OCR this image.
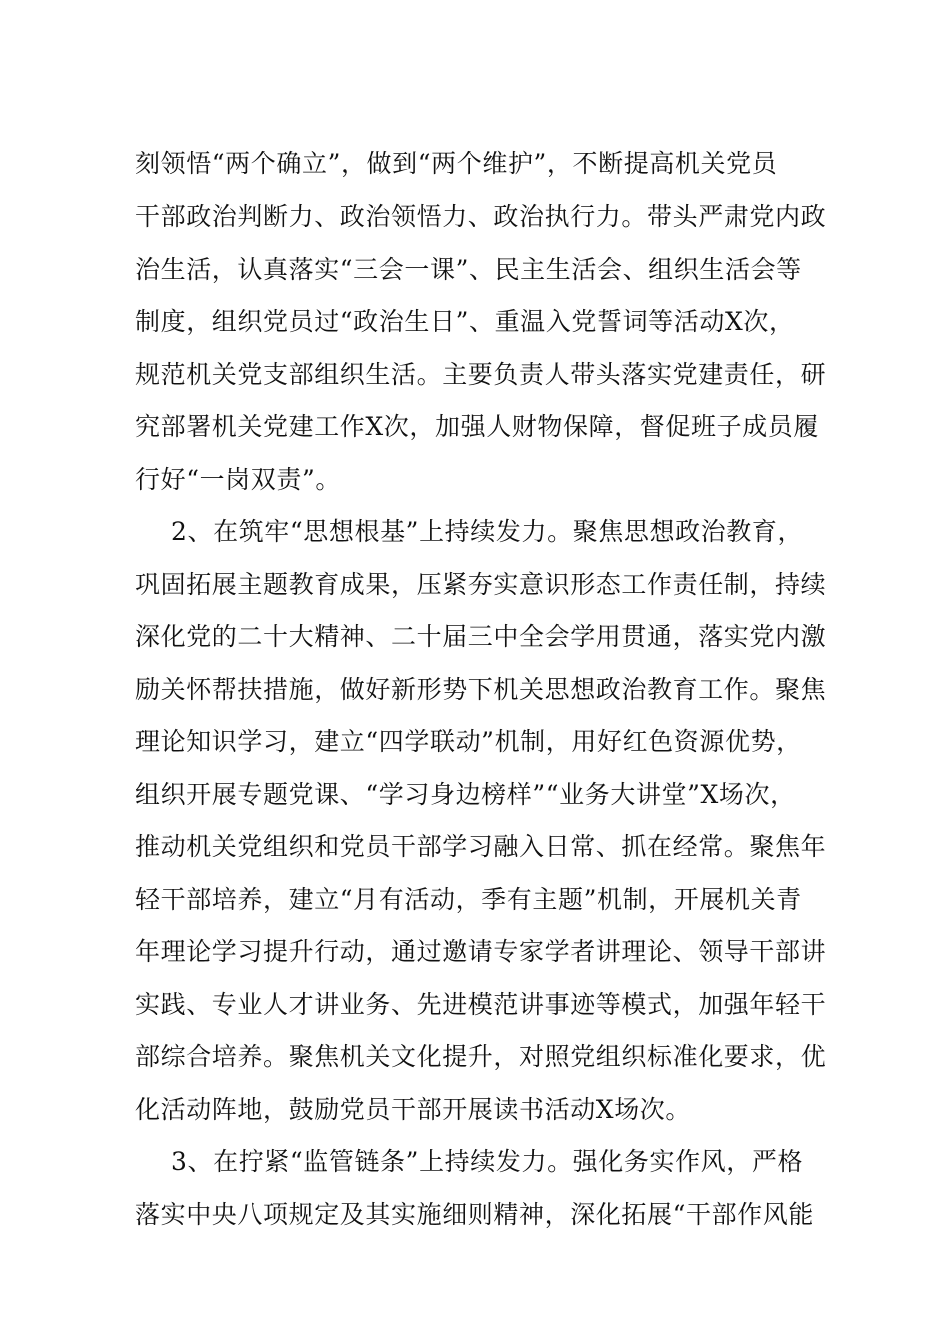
刻领悟“两个确立”，做到“两个维护”，不断提高机关党员
干部政治判断力、政治领悟力、政治执行力。带头严肃党内政
治生活，认真落实“三会一课”、民主生活会、组织生活会等
制度，组织党员过“政治生日”、重温入党誓词等活动X次，
规范机关党支部组织生活。主要负责人带头落实党建责任，研
究部署机关党建工作X次，加强人财物保障，督促班子成员履
行好“一岗双责”。
2、在筑牢“思想根基”上持续发力。聚焦思想政治教育，
巩固拓展主题教育成果，压紧夯实意识形态工作责任制，持续
深化党的二十大精神、二十届三中全会学用贯通，落实党内激
励关怀帮扶措施，做好新形势下机关思想政治教育工作。聚焦
理论知识学习，建立“四学联动”机制，用好红色资源优势，
组织开展专题党课、“学习身边榜样”“业务大讲堂”X场次，
推动机关党组织和党员干部学习融入日常、抓在经常。聚焦年
轻干部培养，建立“月有活动，季有主题”机制，开展机关青
年理论学习提升行动，通过邀请专家学者讲理论、领导干部讲
实践、专业人才讲业务、先进模范讲事迹等模式，加强年轻干
部综合培养。聚焦机关文化提升，对照党组织标准化要求，优
化活动阵地，鼓励党员干部开展读书活动X场次。
3、在拧紧“监管链条”上持续发力。强化务实作风，严格
落实中央八项规定及其实施细则精神，深化拓展“干部作风能
